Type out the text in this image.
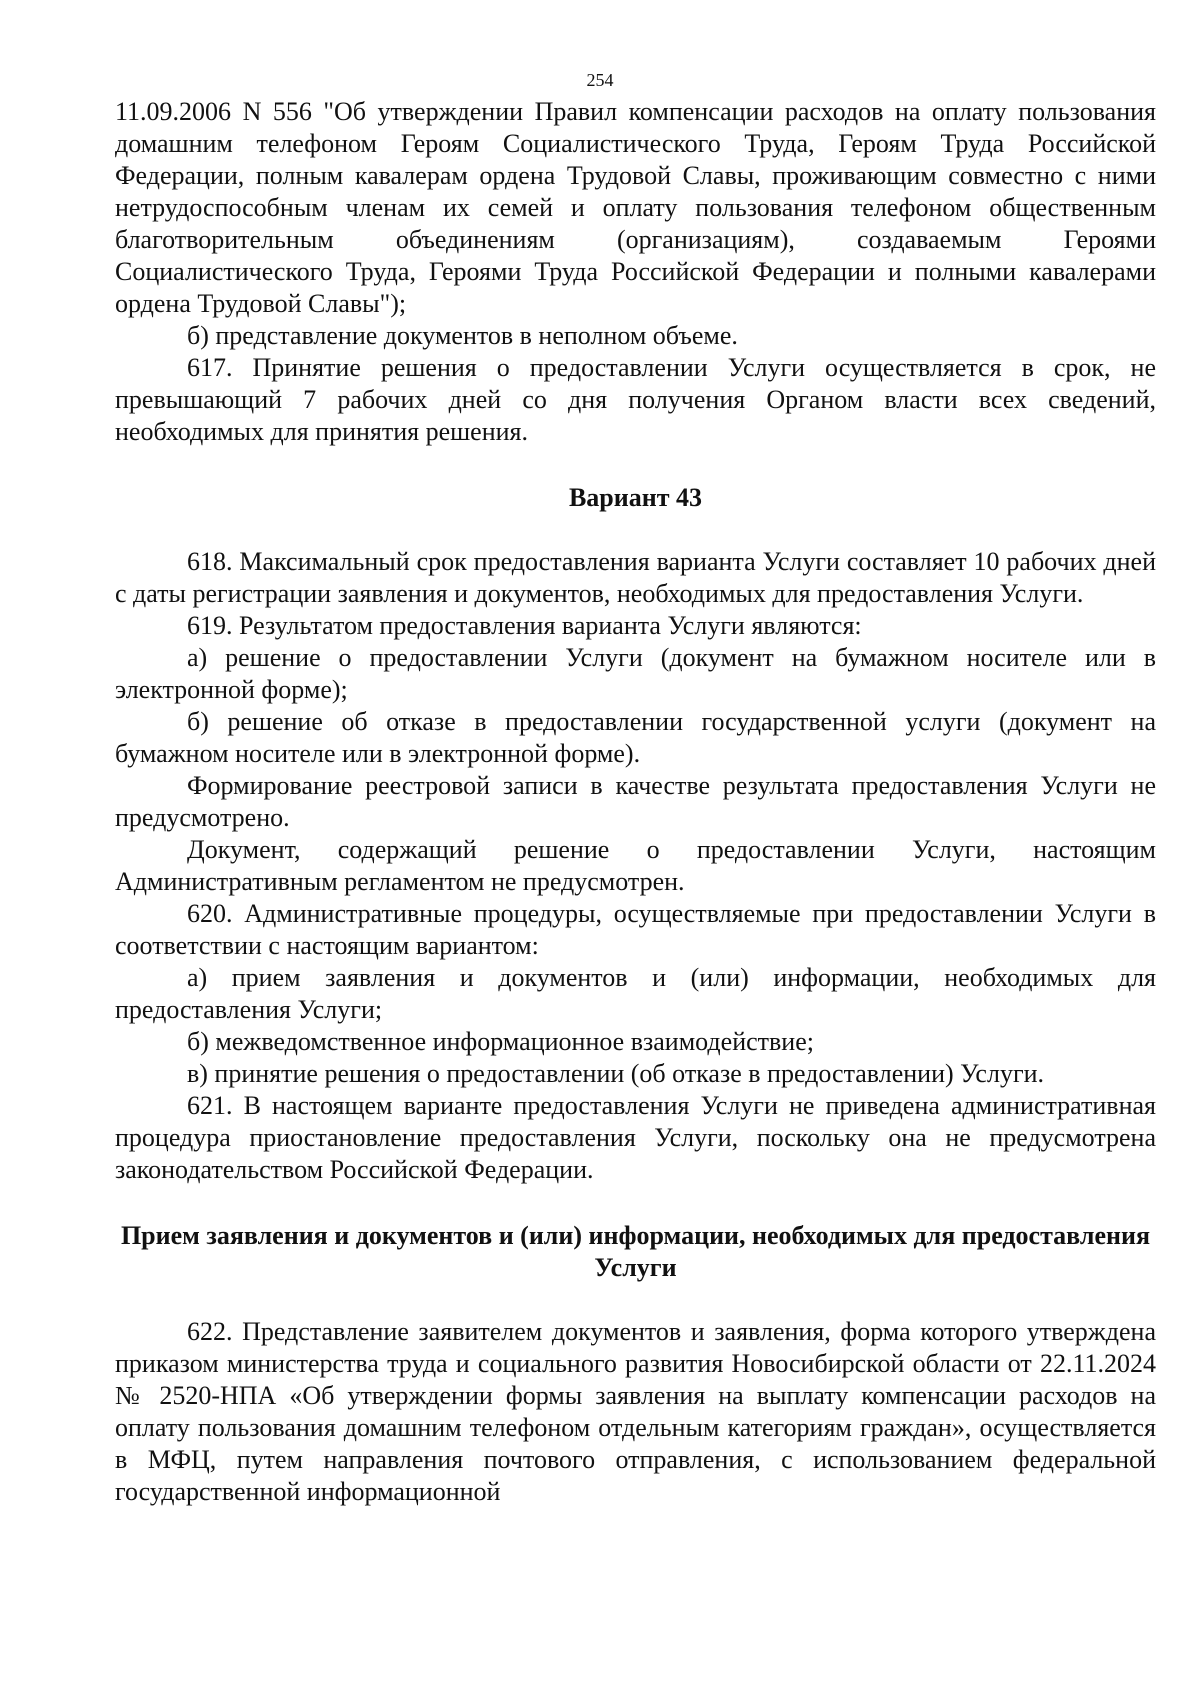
254

11.09.2006 N 556 "Об утверждении Правил компенсации расходов на оплату пользования домашним телефоном Героям Социалистического Труда, Героям Труда Российской Федерации, полным кавалерам ордена Трудовой Славы, проживающим совместно с ними нетрудоспособным членам их семей и оплату пользования телефоном общественным благотворительным объединениям (организациям), создаваемым Героями Социалистического Труда, Героями Труда Российской Федерации и полными кавалерами ордена Трудовой Славы");

б) представление документов в неполном объеме.

617. Принятие решения о предоставлении Услуги осуществляется в срок, не превышающий 7 рабочих дней со дня получения Органом власти всех сведений, необходимых для принятия решения.

Вариант 43

618. Максимальный срок предоставления варианта Услуги составляет 10 рабочих дней с даты регистрации заявления и документов, необходимых для предоставления Услуги.

619. Результатом предоставления варианта Услуги являются:

а) решение о предоставлении Услуги (документ на бумажном носителе или в электронной форме);

б) решение об отказе в предоставлении государственной услуги (документ на бумажном носителе или в электронной форме).

Формирование реестровой записи в качестве результата предоставления Услуги не предусмотрено.

Документ, содержащий решение о предоставлении Услуги, настоящим Административным регламентом не предусмотрен.

620. Административные процедуры, осуществляемые при предоставлении Услуги в соответствии с настоящим вариантом:

а) прием заявления и документов и (или) информации, необходимых для предоставления Услуги;

б) межведомственное информационное взаимодействие;

в) принятие решения о предоставлении (об отказе в предоставлении) Услуги.

621. В настоящем варианте предоставления Услуги не приведена административная процедура приостановление предоставления Услуги, поскольку она не предусмотрена законодательством Российской Федерации.

Прием заявления и документов и (или) информации, необходимых для предоставления Услуги

622. Представление заявителем документов и заявления, форма которого утверждена приказом министерства труда и социального развития Новосибирской области от 22.11.2024 № 2520-НПА «Об утверждении формы заявления на выплату компенсации расходов на оплату пользования домашним телефоном отдельным категориям граждан», осуществляется в МФЦ, путем направления почтового отправления, с использованием федеральной государственной информационной
